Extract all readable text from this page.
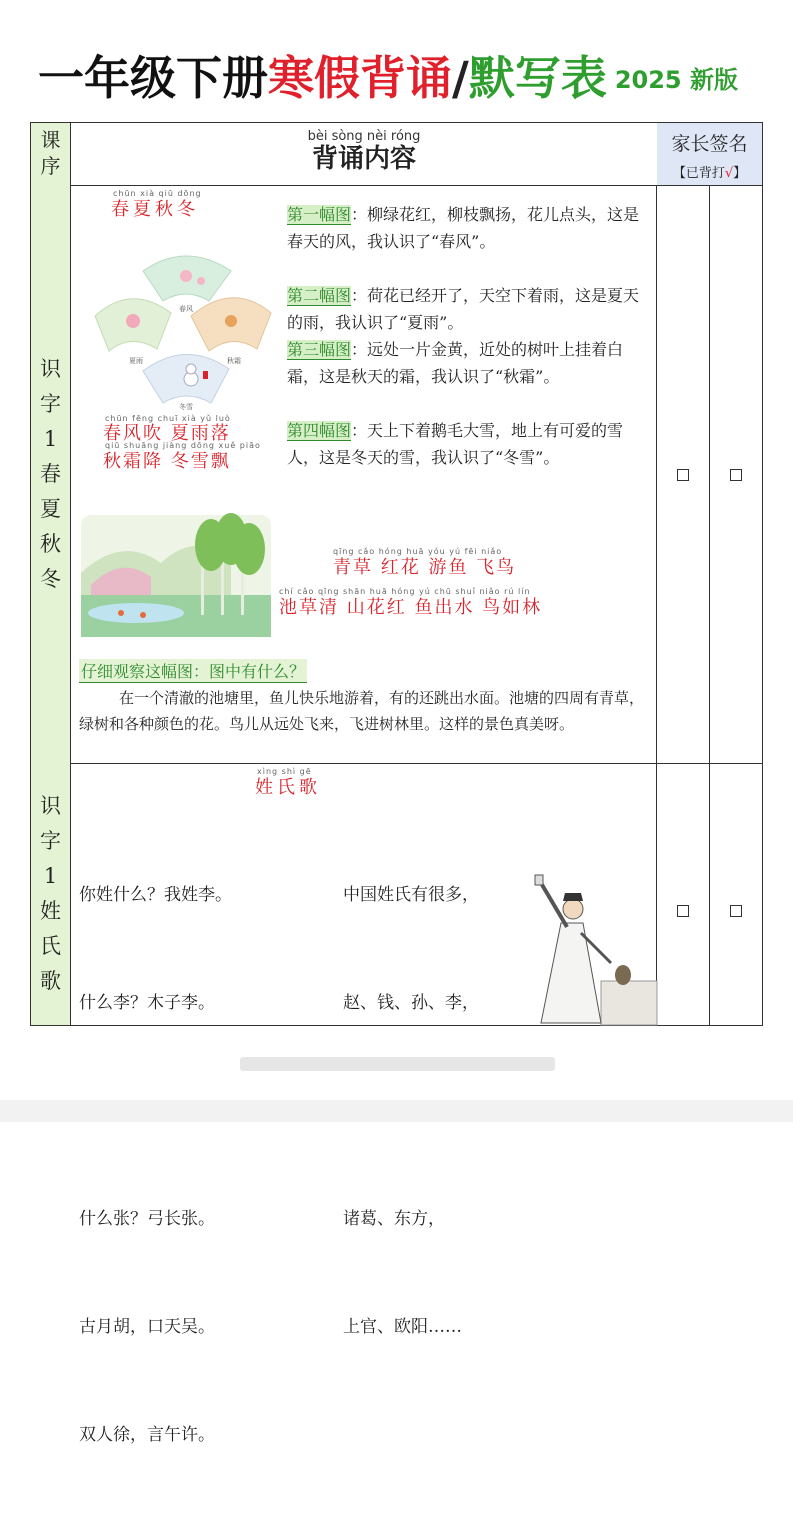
一年级下册寒假背诵/默写表 2025 新版
课序
bèi sòng nèi róng
背诵内容	家长签名
【已背打√】
识
字
1
春
夏
秋
冬
chūn xià qiū dōng
春夏秋冬
春风
夏雨	秋霜
冬雪
第一幅图：柳绿花红，柳枝飘扬，花儿点头，这是春天的风，我认识了“春风”。
第二幅图：荷花已经开了，天空下着雨，这是夏天的雨，我认识了“夏雨”。
第三幅图：远处一片金黄，近处的树叶上挂着白霜，这是秋天的霜，我认识了“秋霜”。
第四幅图：天上下着鹅毛大雪，地上有可爱的雪人，这是冬天的雪，我认识了“冬雪”。
chūn fēng chuī xià yǔ luò
春风吹 夏雨落
qiū shuāng jiàng dōng xuě piāo
秋霜降 冬雪飘
qīng cǎo hóng huā yóu yú fēi niǎo
青草 红花 游鱼 飞鸟
chí cǎo qīng shān huā hóng yú chū shuǐ niǎo rú lín
池草清 山花红 鱼出水 鸟如林
仔细观察这幅图：图中有什么？
在一个清澈的池塘里，鱼儿快乐地游着，有的还跳出水面。池塘的四周有青草，绿树和各种颜色的花。鸟儿从远处飞来，飞进树林里。这样的景色真美呀。
识
字
1
姓
氏
歌
xìng shì gē
姓氏歌

你姓什么？我姓李。

什么李？木子李。

什么张？弓长张。

古月胡，口天吴。

双人徐，言午许。

中国姓氏有很多，

赵、钱、孙、李，

诸葛、东方，

上官、欧阳……
